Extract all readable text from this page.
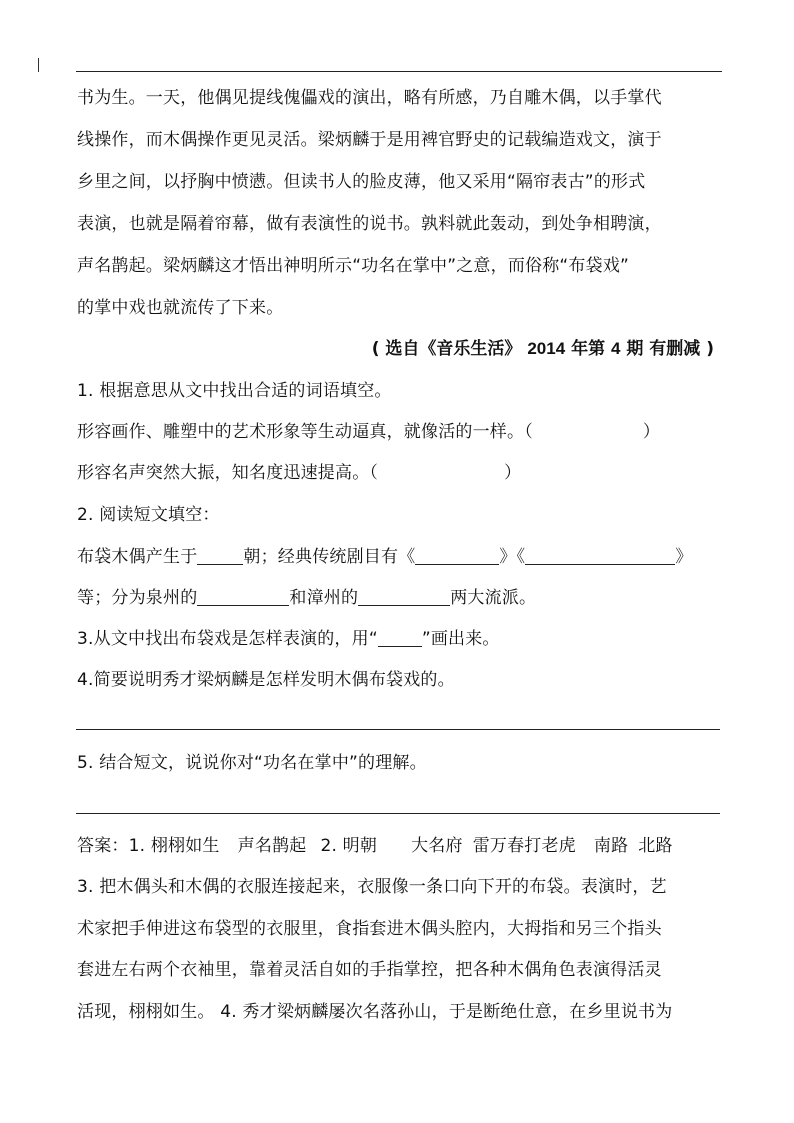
书为生。一天，他偶见提线傀儡戏的演出，略有所感，乃自雕木偶，以手掌代
线操作，而木偶操作更见灵活。梁炳麟于是用裨官野史的记载编造戏文，演于
乡里之间，以抒胸中愤懑。但读书人的脸皮薄，他又采用“隔帘表古”的形式
表演，也就是隔着帘幕，做有表演性的说书。孰料就此轰动，到处争相聘演，
声名鹊起。梁炳麟这才悟出神明所示“功名在掌中”之意，而俗称“布袋戏”
的掌中戏也就流传了下来。
( 选自《音乐生活》 2014 年第 4 期 有删减 )
1. 根据意思从文中找出合适的词语填空。
形容画作、雕塑中的艺术形象等生动逼真，就像活的一样。（	）
形容名声突然大振，知名度迅速提高。（	）
2. 阅读短文填空：
布袋木偶产生于	朝；经典传统剧目有《	》《	》
等；分为泉州的	和漳州的	两大流派。
3.从文中找出布袋戏是怎样表演的，用“	”画出来。
4.简要说明秀才梁炳麟是怎样发明木偶布袋戏的。
5. 结合短文，说说你对“功名在掌中”的理解。
答案：1. 栩栩如生 声名鹊起 2. 明朝 大名府 雷万春打老虎 南路 北路
3. 把木偶头和木偶的衣服连接起来，衣服像一条口向下开的布袋。表演时，艺
术家把手伸进这布袋型的衣服里，食指套进木偶头腔内，大拇指和另三个指头
套进左右两个衣袖里，靠着灵活自如的手指掌控，把各种木偶角色表演得活灵
活现，栩栩如生。 4. 秀才梁炳麟屡次名落孙山，于是断绝仕意，在乡里说书为
